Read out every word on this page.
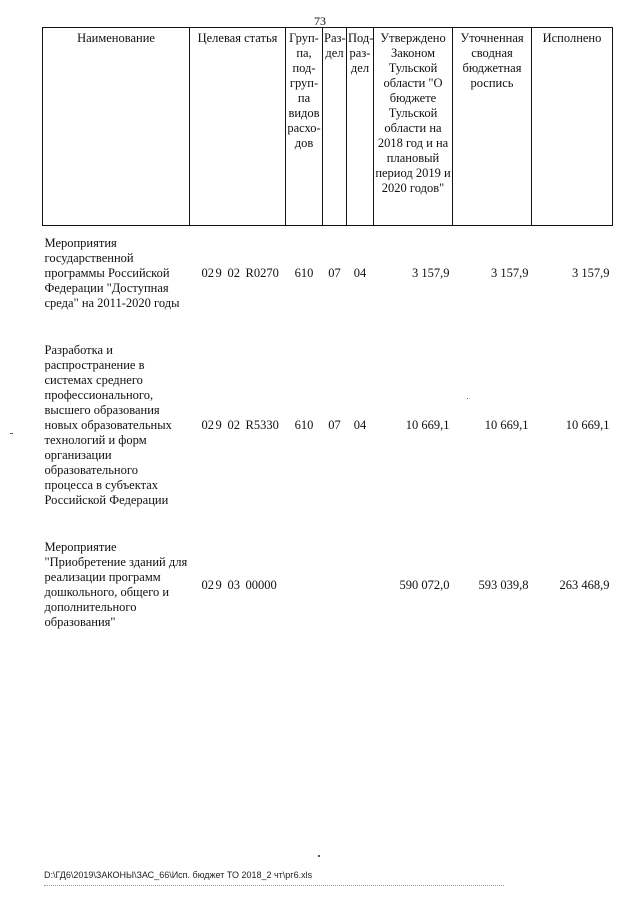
73
Наименование	Целевая статья	Груп-па, под-груп-па видов расхо-дов	Раз-дел	Под-раз-дел	Утверждено Законом Тульской области "О бюджете Тульской области на 2018 год и на плановый период 2019 и 2020 годов"	Уточненная сводная бюджетная роспись	Исполнено

Мероприятия государственной программы Российской Федерации "Доступная среда" на 2011-2020 годы	02 9 02 R0270	610	07	04	3 157,9	3 157,9	3 157,9

Разработка и распространение в системах среднего профессионального, высшего образования новых образовательных технологий и форм организации образовательного процесса в субъектах Российской Федерации	02 9 02 R5330	610	07	04	10 669,1	10 669,1	10 669,1

Мероприятие "Приобретение зданий для реализации программ дошкольного, общего и дополнительного образования"	02 9 03 00000				590 072,0	593 039,8	263 468,9
D:\ГД6\2019\ЗАКОНЫ\ЗАС_66\Исп. бюджет ТО 2018_2 чт\рг6.xls
